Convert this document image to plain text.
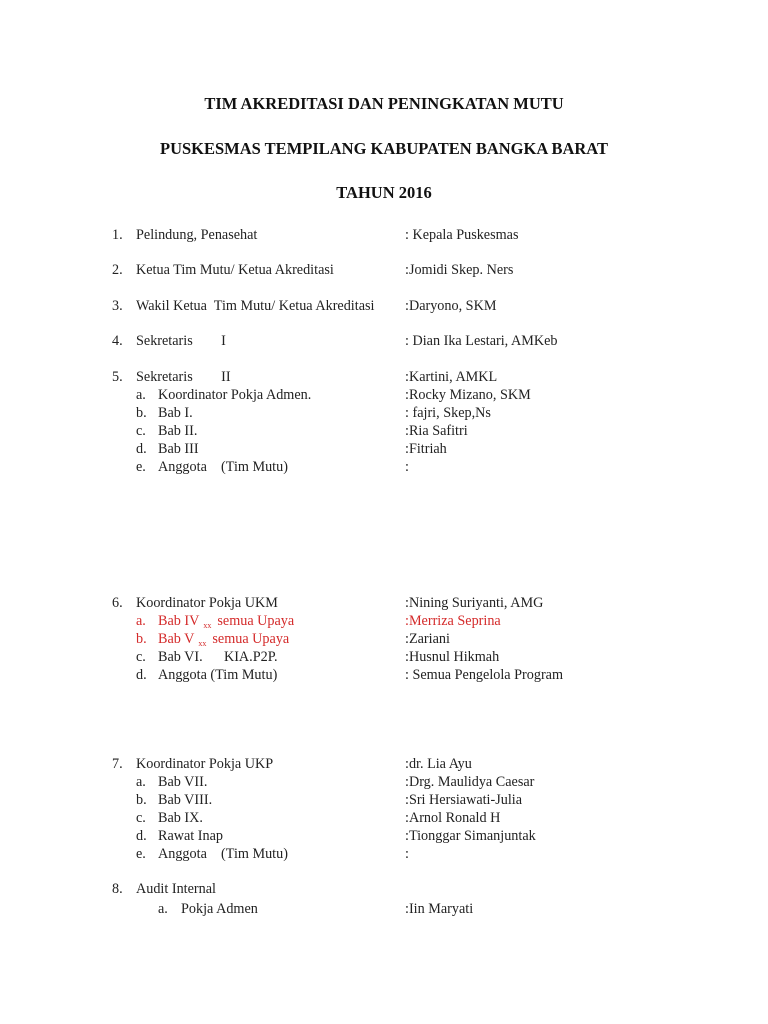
TIM AKREDITASI DAN PENINGKATAN MUTU
PUSKESMAS TEMPILANG KABUPATEN BANGKA BARAT
TAHUN 2016
1. Pelindung, Penasehat	: Kepala Puskesmas
2. Ketua Tim Mutu/ Ketua Akreditasi	:Jomidi Skep. Ners
3. Wakil Ketua  Tim Mutu/ Ketua Akreditasi :Daryono, SKM
4. Sekretaris        I	: Dian Ika Lestari, AMKeb
5. Sekretaris        II	:Kartini, AMKL
a. Koordinator Pokja Admen.	:Rocky Mizano, SKM
b. Bab I.	: fajri, Skep,Ns
c. Bab II.	:Ria Safitri
d. Bab III	:Fitriah
e. Anggota    (Tim Mutu)	:
6. Koordinator Pokja UKM	:Nining Suriyanti, AMG
a. Bab IV $_{xx}$ semua Upaya	:Merriza Seprina
b. Bab V $_{xx}$ semua Upaya	:Zariani
c. Bab VI.      KIA.P2P.	:Husnul Hikmah
d. Anggota (Tim Mutu)	: Semua Pengelola Program
7. Koordinator Pokja UKP	:dr. Lia Ayu
a. Bab VII.	:Drg. Maulidya Caesar
b. Bab VIII.	:Sri Hersiawati-Julia
c. Bab IX.	:Arnol Ronald H
d. Rawat Inap	:Tionggar Simanjuntak
e. Anggota    (Tim Mutu)	:
8. Audit Internal
a. Pokja Admen	:Iin Maryati
